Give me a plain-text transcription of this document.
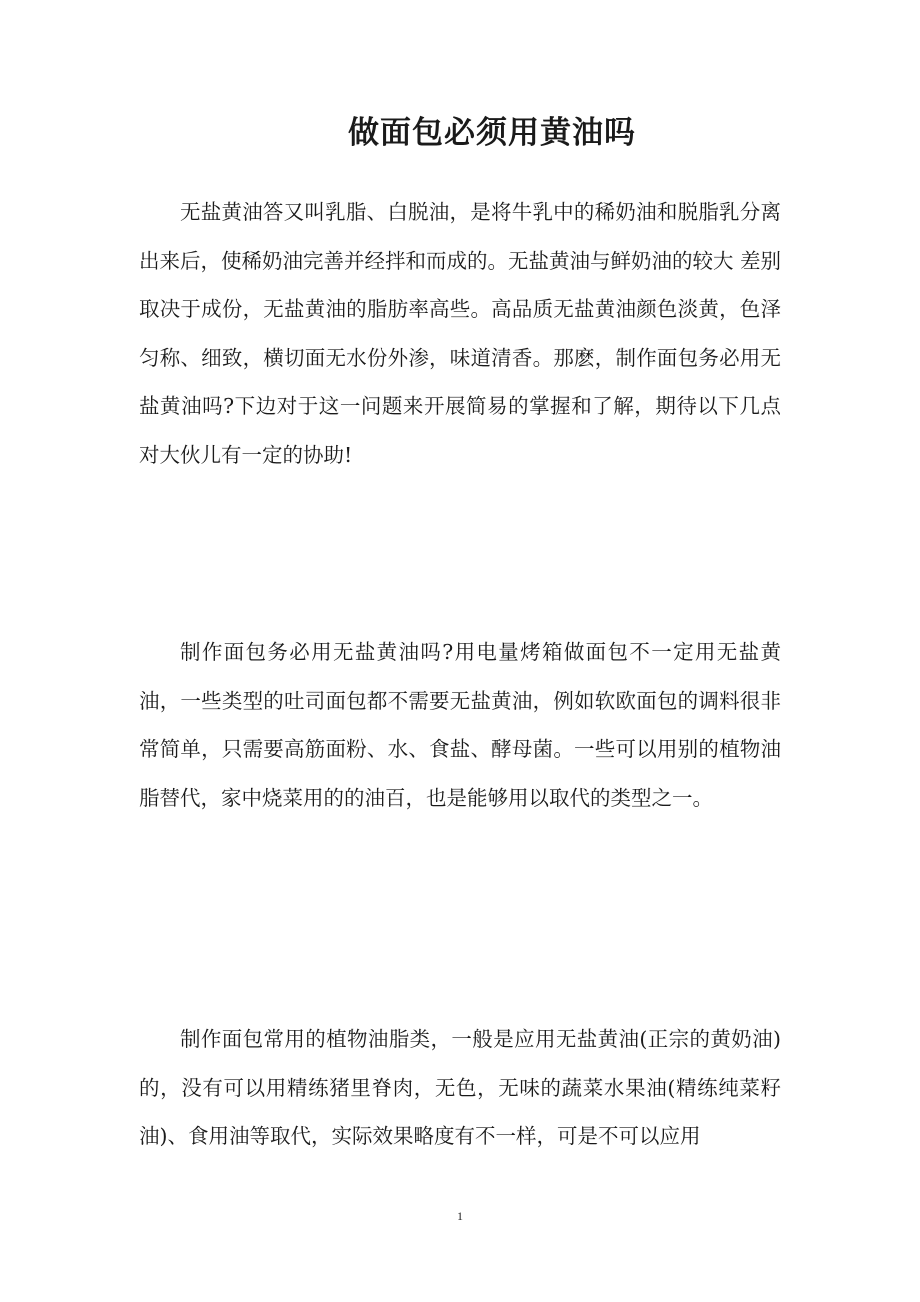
做面包必须用黄油吗

无盐黄油答又叫乳脂、白脱油，是将牛乳中的稀奶油和脱脂乳分离出来后，使稀奶油完善并经拌和而成的。无盐黄油与鲜奶油的较大 差别取决于成份，无盐黄油的脂肪率高些。高品质无盐黄油颜色淡黄，色泽匀称、细致，横切面无水份外渗，味道清香。那麽，制作面包务必用无盐黄油吗?下边对于这一问题来开展简易的掌握和了解，期待以下几点对大伙儿有一定的协助!

制作面包务必用无盐黄油吗?用电量烤箱做面包不一定用无盐黄油，一些类型的吐司面包都不需要无盐黄油，例如软欧面包的调料很非常简单，只需要高筋面粉、水、食盐、酵母菌。一些可以用别的植物油脂替代，家中烧菜用的的油百，也是能够用以取代的类型之一。

制作面包常用的植物油脂类，一般是应用无盐黄油(正宗的黄奶油)的，没有可以用精练猪里脊肉，无色，无味的蔬菜水果油(精练纯菜籽油)、食用油等取代，实际效果略度有不一样，可是不可以应用

1
